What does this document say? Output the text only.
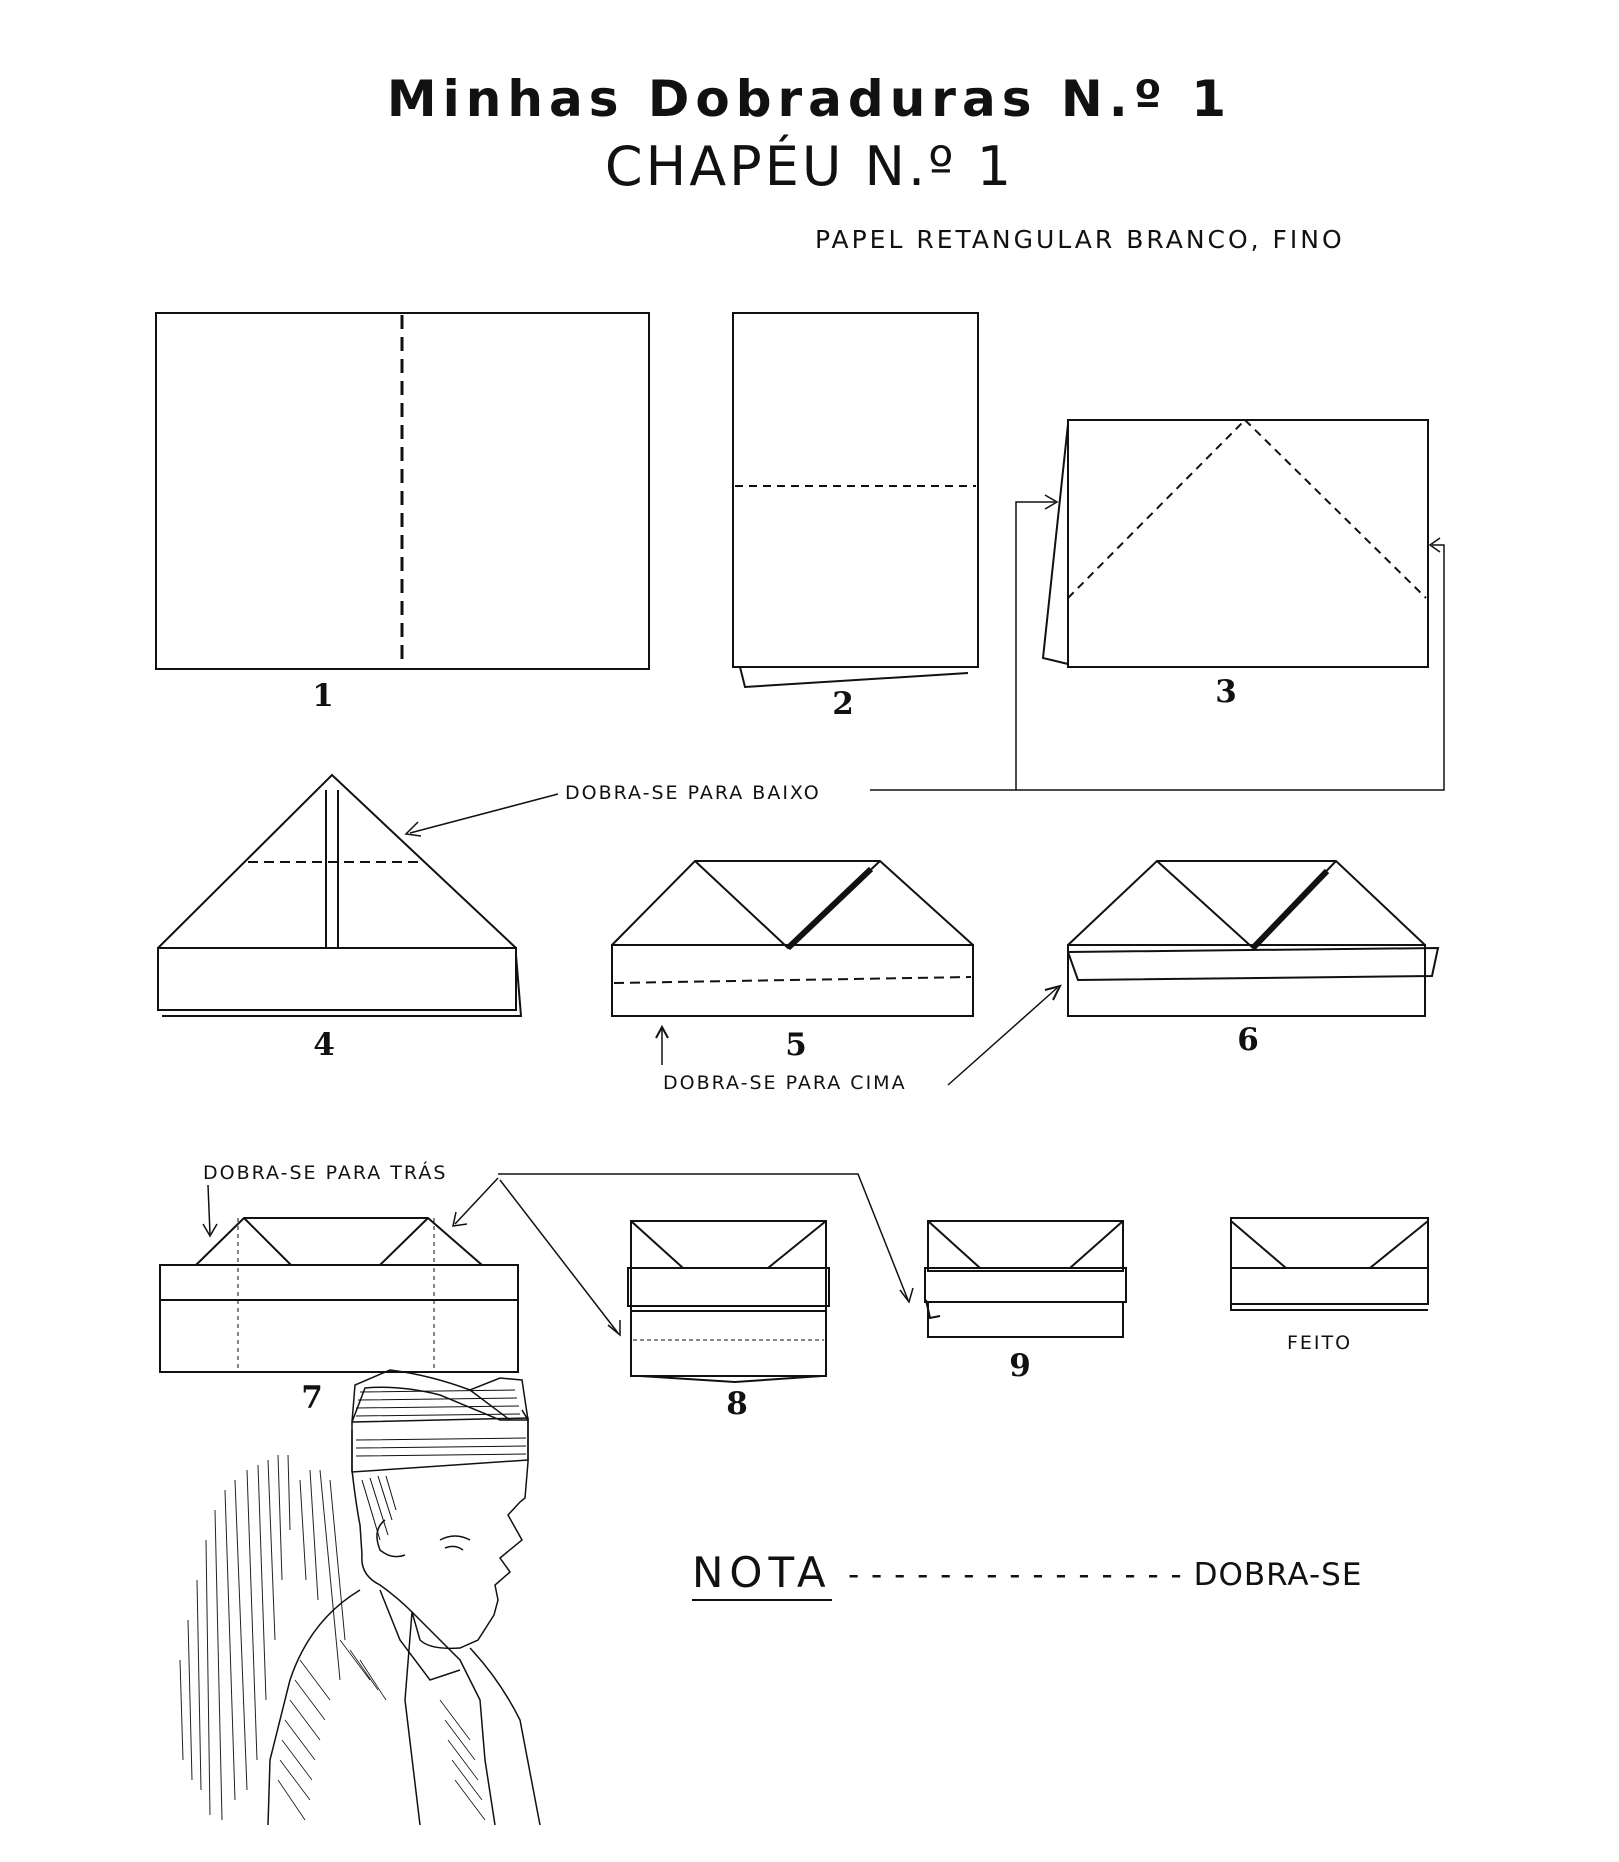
Minhas Dobraduras N.º 1
CHAPÉU N.º 1
PAPEL RETANGULAR BRANCO, FINO
1	2	3
4	5	6
7	8
9
FEITO
DOBRA-SE PARA BAIXO
DOBRA-SE PARA CIMA
DOBRA-SE PARA TRÁS
NOTA - - - - - - - - - - - - - - - DOBRA-SE
